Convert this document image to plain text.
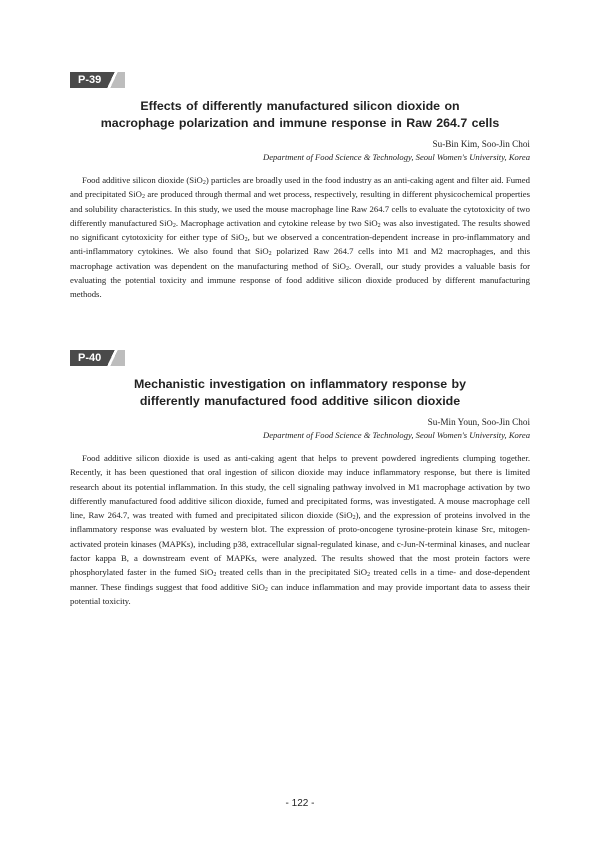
P-39

Effects of differently manufactured silicon dioxide on

macrophage polarization and immune response in Raw 264.7 cells

Su-Bin Kim, Soo-Jin Choi

Department of Food Science & Technology, Seoul Women's University, Korea

Food additive silicon dioxide (SiO$_2$) particles are broadly used in the food industry as an anti-caking agent and filter aid. Fumed and precipitated SiO$_2$ are produced through thermal and wet process, respectively, resulting in different physicochemical properties and solubility characteristics. In this study, we used the mouse macrophage line Raw 264.7 cells to evaluate the cytotoxicity of two differently manufactured SiO$_2$. Macrophage activation and cytokine release by two SiO$_2$ was also investigated. The results showed no significant cytotoxicity for either type of SiO$_2$, but we observed a concentration-dependent increase in pro-inflammatory and anti-inflammatory cytokines. We also found that SiO$_2$ polarized Raw 264.7 cells into M1 and M2 macrophages, and this macrophage activation was dependent on the manufacturing method of SiO$_2$. Overall, our study provides a valuable basis for evaluating the potential toxicity and immune response of food additive silicon dioxide produced by different manufacturing methods.

P-40

Mechanistic investigation on inflammatory response by

differently manufactured food additive silicon dioxide

Su-Min Youn, Soo-Jin Choi

Department of Food Science & Technology, Seoul Women's University, Korea

Food additive silicon dioxide is used as anti-caking agent that helps to prevent powdered ingredients clumping together. Recently, it has been questioned that oral ingestion of silicon dioxide may induce inflammatory response, but there is limited research about its potential inflammation. In this study, the cell signaling pathway involved in M1 macrophage activation by two differently manufactured food additive silicon dioxide, fumed and precipitated forms, was investigated. A mouse macrophage cell line, Raw 264.7, was treated with fumed and precipitated silicon dioxide (SiO$_2$), and the expression of proteins involved in the inflammatory response was evaluated by western blot. The expression of proto-oncogene tyrosine-protein kinase Src, mitogen-activated protein kinases (MAPKs), including p38, extracellular signal-regulated kinase, and c-Jun-N-terminal kinases, and nuclear factor kappa B, a downstream event of MAPKs, were analyzed. The results showed that the most protein factors were phosphorylated faster in the fumed SiO$_2$ treated cells than in the precipitated SiO$_2$ treated cells in a time- and dose-dependent manner. These findings suggest that food additive SiO$_2$ can induce inflammation and may provide important data to assess their potential toxicity.

- 122 -
